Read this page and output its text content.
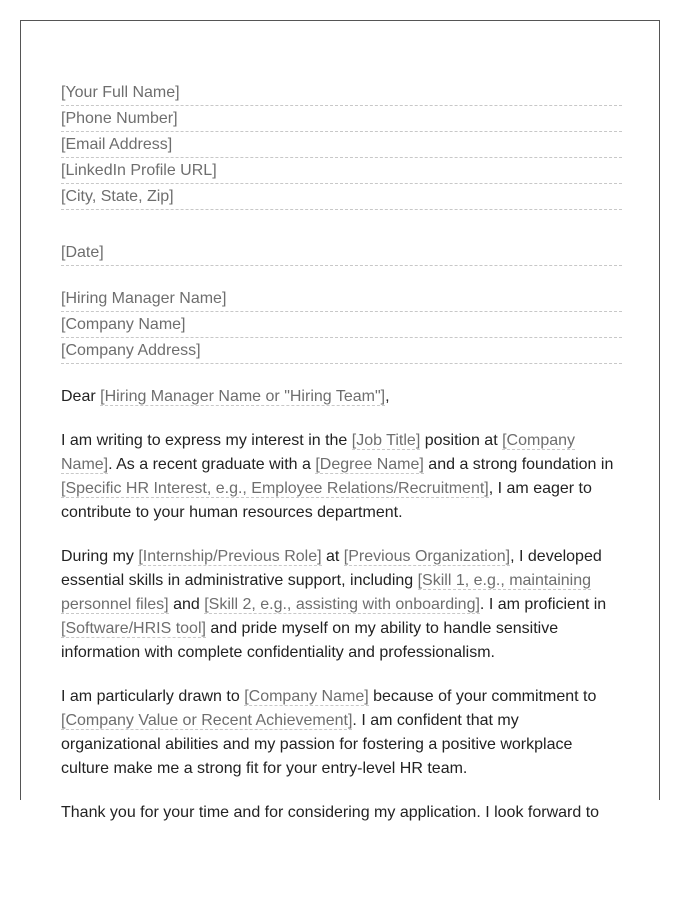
[Your Full Name]
[Phone Number]
[Email Address]
[LinkedIn Profile URL]
[City, State, Zip]
[Date]
[Hiring Manager Name]
[Company Name]
[Company Address]

Dear [Hiring Manager Name or "Hiring Team"],

I am writing to express my interest in the [Job Title] position at [Company Name]. As a recent graduate with a [Degree Name] and a strong foundation in [Specific HR Interest, e.g., Employee Relations/Recruitment], I am eager to contribute to your human resources department.

During my [Internship/Previous Role] at [Previous Organization], I developed essential skills in administrative support, including [Skill 1, e.g., maintaining personnel files] and [Skill 2, e.g., assisting with onboarding]. I am proficient in [Software/HRIS tool] and pride myself on my ability to handle sensitive information with complete confidentiality and professionalism.

I am particularly drawn to [Company Name] because of your commitment to [Company Value or Recent Achievement]. I am confident that my organizational abilities and my passion for fostering a positive workplace culture make me a strong fit for your entry-level HR team.

Thank you for your time and for considering my application. I look forward to
